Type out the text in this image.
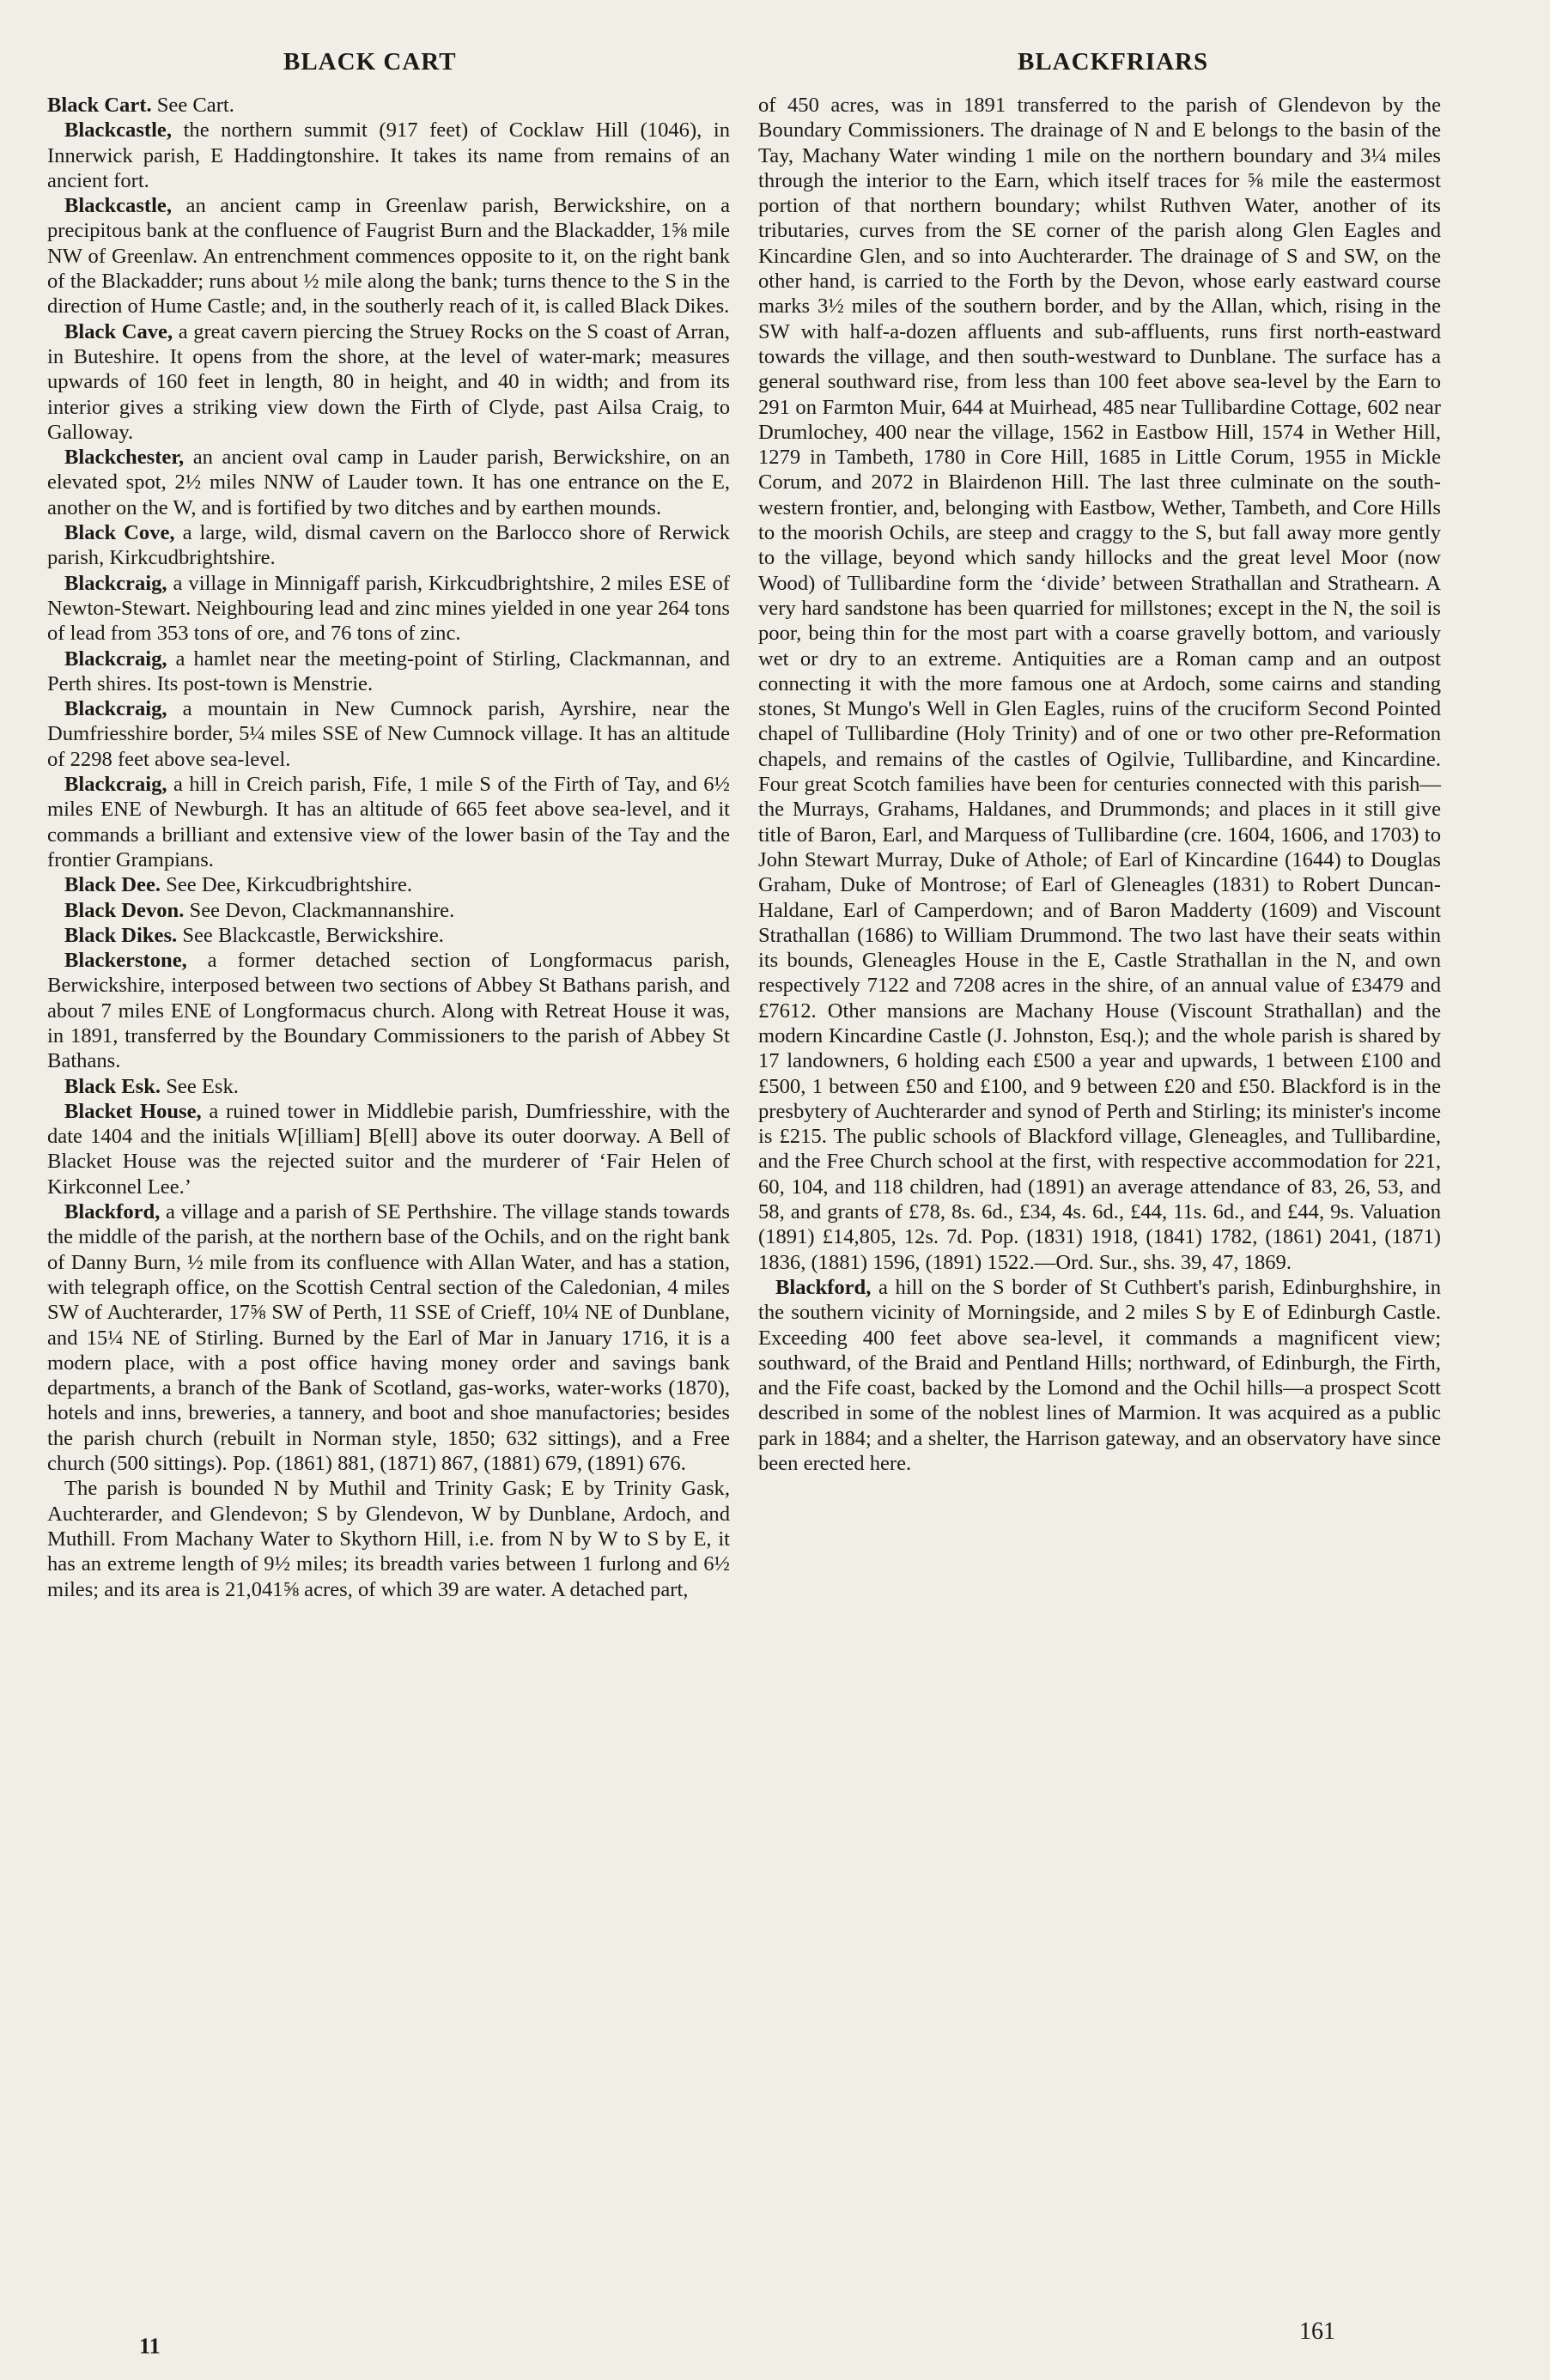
BLACK CART	BLACKFRIARS

Black Cart. See Cart.

Blackcastle, the northern summit (917 feet) of Cocklaw Hill (1046), in Innerwick parish, E Haddingtonshire. It takes its name from remains of an ancient fort.

Blackcastle, an ancient camp in Greenlaw parish, Berwickshire, on a precipitous bank at the confluence of Faugrist Burn and the Blackadder, 1⅝ mile NW of Greenlaw. An entrenchment commences opposite to it, on the right bank of the Blackadder; runs about ½ mile along the bank; turns thence to the S in the direction of Hume Castle; and, in the southerly reach of it, is called Black Dikes.

Black Cave, a great cavern piercing the Struey Rocks on the S coast of Arran, in Buteshire. It opens from the shore, at the level of water-mark; measures upwards of 160 feet in length, 80 in height, and 40 in width; and from its interior gives a striking view down the Firth of Clyde, past Ailsa Craig, to Galloway.

Blackchester, an ancient oval camp in Lauder parish, Berwickshire, on an elevated spot, 2½ miles NNW of Lauder town. It has one entrance on the E, another on the W, and is fortified by two ditches and by earthen mounds.

Black Cove, a large, wild, dismal cavern on the Barlocco shore of Rerwick parish, Kirkcudbrightshire.

Blackcraig, a village in Minnigaff parish, Kirkcudbrightshire, 2 miles ESE of Newton-Stewart. Neighbouring lead and zinc mines yielded in one year 264 tons of lead from 353 tons of ore, and 76 tons of zinc.

Blackcraig, a hamlet near the meeting-point of Stirling, Clackmannan, and Perth shires. Its post-town is Menstrie.

Blackcraig, a mountain in New Cumnock parish, Ayrshire, near the Dumfriesshire border, 5¼ miles SSE of New Cumnock village. It has an altitude of 2298 feet above sea-level.

Blackcraig, a hill in Creich parish, Fife, 1 mile S of the Firth of Tay, and 6½ miles ENE of Newburgh. It has an altitude of 665 feet above sea-level, and it commands a brilliant and extensive view of the lower basin of the Tay and the frontier Grampians.

Black Dee. See Dee, Kirkcudbrightshire.

Black Devon. See Devon, Clackmannanshire.

Black Dikes. See Blackcastle, Berwickshire.

Blackerstone, a former detached section of Longformacus parish, Berwickshire, interposed between two sections of Abbey St Bathans parish, and about 7 miles ENE of Longformacus church. Along with Retreat House it was, in 1891, transferred by the Boundary Commissioners to the parish of Abbey St Bathans.

Black Esk. See Esk.

Blacket House, a ruined tower in Middlebie parish, Dumfriesshire, with the date 1404 and the initials W[illiam] B[ell] above its outer doorway. A Bell of Blacket House was the rejected suitor and the murderer of ‘Fair Helen of Kirkconnel Lee.’

Blackford, a village and a parish of SE Perthshire. The village stands towards the middle of the parish, at the northern base of the Ochils, and on the right bank of Danny Burn, ½ mile from its confluence with Allan Water, and has a station, with telegraph office, on the Scottish Central section of the Caledonian, 4 miles SW of Auchterarder, 17⅝ SW of Perth, 11 SSE of Crieff, 10¼ NE of Dunblane, and 15¼ NE of Stirling. Burned by the Earl of Mar in January 1716, it is a modern place, with a post office having money order and savings bank departments, a branch of the Bank of Scotland, gas-works, water-works (1870), hotels and inns, breweries, a tannery, and boot and shoe manufactories; besides the parish church (rebuilt in Norman style, 1850; 632 sittings), and a Free church (500 sittings). Pop. (1861) 881, (1871) 867, (1881) 679, (1891) 676.

The parish is bounded N by Muthil and Trinity Gask; E by Trinity Gask, Auchterarder, and Glendevon; S by Glendevon, W by Dunblane, Ardoch, and Muthill. From Machany Water to Skythorn Hill, i.e. from N by W to S by E, it has an extreme length of 9½ miles; its breadth varies between 1 furlong and 6½ miles; and its area is 21,041⅝ acres, of which 39 are water. A detached part,

of 450 acres, was in 1891 transferred to the parish of Glendevon by the Boundary Commissioners. The drainage of N and E belongs to the basin of the Tay, Machany Water winding 1 mile on the northern boundary and 3¼ miles through the interior to the Earn, which itself traces for ⅝ mile the eastermost portion of that northern boundary; whilst Ruthven Water, another of its tributaries, curves from the SE corner of the parish along Glen Eagles and Kincardine Glen, and so into Auchterarder. The drainage of S and SW, on the other hand, is carried to the Forth by the Devon, whose early eastward course marks 3½ miles of the southern border, and by the Allan, which, rising in the SW with half-a-dozen affluents and sub-affluents, runs first north-eastward towards the village, and then south-westward to Dunblane. The surface has a general southward rise, from less than 100 feet above sea-level by the Earn to 291 on Farmton Muir, 644 at Muirhead, 485 near Tullibardine Cottage, 602 near Drumlochey, 400 near the village, 1562 in Eastbow Hill, 1574 in Wether Hill, 1279 in Tambeth, 1780 in Core Hill, 1685 in Little Corum, 1955 in Mickle Corum, and 2072 in Blairdenon Hill. The last three culminate on the south-western frontier, and, belonging with Eastbow, Wether, Tambeth, and Core Hills to the moorish Ochils, are steep and craggy to the S, but fall away more gently to the village, beyond which sandy hillocks and the great level Moor (now Wood) of Tullibardine form the ‘divide’ between Strathallan and Strathearn. A very hard sandstone has been quarried for millstones; except in the N, the soil is poor, being thin for the most part with a coarse gravelly bottom, and variously wet or dry to an extreme. Antiquities are a Roman camp and an outpost connecting it with the more famous one at Ardoch, some cairns and standing stones, St Mungo's Well in Glen Eagles, ruins of the cruciform Second Pointed chapel of Tullibardine (Holy Trinity) and of one or two other pre-Reformation chapels, and remains of the castles of Ogilvie, Tullibardine, and Kincardine. Four great Scotch families have been for centuries connected with this parish—the Murrays, Grahams, Haldanes, and Drummonds; and places in it still give title of Baron, Earl, and Marquess of Tullibardine (cre. 1604, 1606, and 1703) to John Stewart Murray, Duke of Athole; of Earl of Kincardine (1644) to Douglas Graham, Duke of Montrose; of Earl of Gleneagles (1831) to Robert Duncan-Haldane, Earl of Camperdown; and of Baron Madderty (1609) and Viscount Strathallan (1686) to William Drummond. The two last have their seats within its bounds, Gleneagles House in the E, Castle Strathallan in the N, and own respectively 7122 and 7208 acres in the shire, of an annual value of £3479 and £7612. Other mansions are Machany House (Viscount Strathallan) and the modern Kincardine Castle (J. Johnston, Esq.); and the whole parish is shared by 17 landowners, 6 holding each £500 a year and upwards, 1 between £100 and £500, 1 between £50 and £100, and 9 between £20 and £50. Blackford is in the presbytery of Auchterarder and synod of Perth and Stirling; its minister's income is £215. The public schools of Blackford village, Gleneagles, and Tullibardine, and the Free Church school at the first, with respective accommodation for 221, 60, 104, and 118 children, had (1891) an average attendance of 83, 26, 53, and 58, and grants of £78, 8s. 6d., £34, 4s. 6d., £44, 11s. 6d., and £44, 9s. Valuation (1891) £14,805, 12s. 7d. Pop. (1831) 1918, (1841) 1782, (1861) 2041, (1871) 1836, (1881) 1596, (1891) 1522.—Ord. Sur., shs. 39, 47, 1869.

Blackford, a hill on the S border of St Cuthbert's parish, Edinburghshire, in the southern vicinity of Morningside, and 2 miles S by E of Edinburgh Castle. Exceeding 400 feet above sea-level, it commands a magnificent view; southward, of the Braid and Pentland Hills; northward, of Edinburgh, the Firth, and the Fife coast, backed by the Lomond and the Ochil hills—a prospect Scott described in some of the noblest lines of Marmion. It was acquired as a public park in 1884; and a shelter, the Harrison gateway, and an observatory have since been erected here.

11
161
